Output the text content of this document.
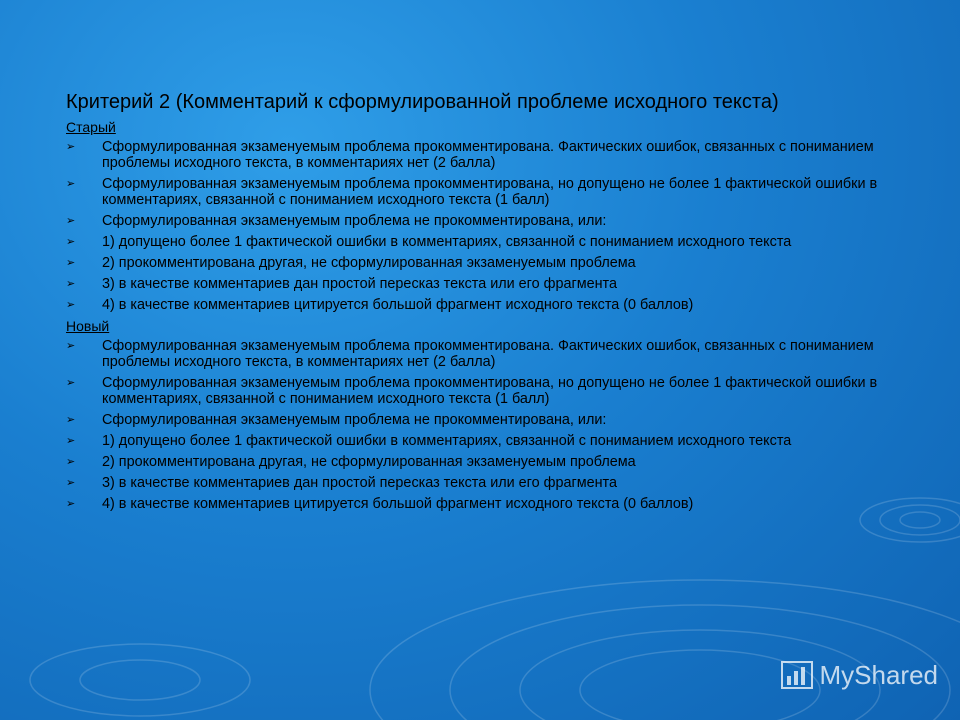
Критерий 2 (Комментарий к сформулированной проблеме исходного текста)
Старый
➢ Сформулированная экзаменуемым проблема прокомментирована. Фактических ошибок, связанных с пониманием проблемы исходного текста, в комментариях нет (2 балла)
➢ Сформулированная экзаменуемым проблема прокомментирована, но допущено не более 1 фактической ошибки в комментариях, связанной с пониманием исходного текста (1 балл)
➢ Сформулированная экзаменуемым проблема не прокомментирована, или:
➢ 1) допущено более 1 фактической ошибки в комментариях, связанной с пониманием исходного текста
➢ 2) прокомментирована другая, не сформулированная экзаменуемым проблема
➢ 3) в качестве комментариев дан простой пересказ текста или его фрагмента
➢ 4) в качестве комментариев цитируется большой фрагмент исходного текста (0 баллов)
Новый
➢ Сформулированная экзаменуемым проблема прокомментирована. Фактических ошибок, связанных с пониманием проблемы исходного текста, в комментариях нет (2 балла)
➢ Сформулированная экзаменуемым проблема прокомментирована, но допущено не более 1 фактической ошибки в комментариях, связанной с пониманием исходного текста (1 балл)
➢ Сформулированная экзаменуемым проблема не прокомментирована, или:
➢ 1) допущено более 1 фактической ошибки в комментариях, связанной с пониманием исходного текста
➢ 2) прокомментирована другая, не сформулированная экзаменуемым проблема
➢ 3) в качестве комментариев дан простой пересказ текста или его фрагмента
➢ 4) в качестве комментариев цитируется большой фрагмент исходного текста (0 баллов)
MyShared
